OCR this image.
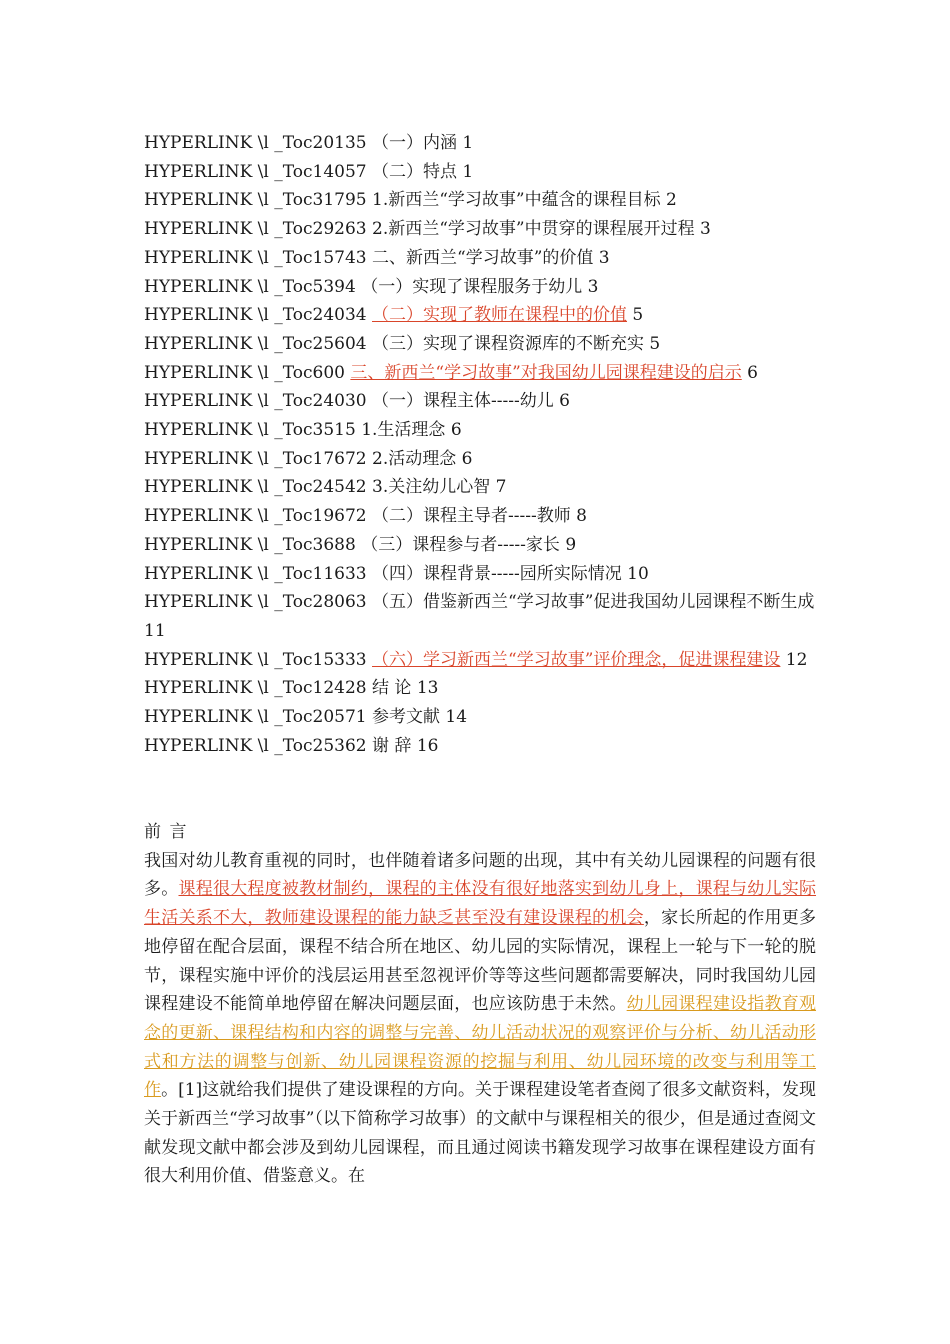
HYPERLINK \l _Toc20135 （一）内涵 1
HYPERLINK \l _Toc14057 （二）特点 1
HYPERLINK \l _Toc31795 1.新西兰“学习故事”中蕴含的课程目标 2
HYPERLINK \l _Toc29263 2.新西兰“学习故事”中贯穿的课程展开过程 3
HYPERLINK \l _Toc15743 二、新西兰“学习故事”的价值 3
HYPERLINK \l _Toc5394 （一）实现了课程服务于幼儿 3
HYPERLINK \l _Toc24034 （二）实现了教师在课程中的价值 5
HYPERLINK \l _Toc25604 （三）实现了课程资源库的不断充实 5
HYPERLINK \l _Toc600 三、新西兰“学习故事”对我国幼儿园课程建设的启示 6
HYPERLINK \l _Toc24030 （一）课程主体-----幼儿 6
HYPERLINK \l _Toc3515 1.生活理念 6
HYPERLINK \l _Toc17672 2.活动理念 6
HYPERLINK \l _Toc24542 3.关注幼儿心智 7
HYPERLINK \l _Toc19672 （二）课程主导者-----教师 8
HYPERLINK \l _Toc3688 （三）课程参与者-----家长 9
HYPERLINK \l _Toc11633 （四）课程背景-----园所实际情况 10
HYPERLINK \l _Toc28063 （五）借鉴新西兰“学习故事”促进我国幼儿园课程不断生成 11
HYPERLINK \l _Toc15333 （六）学习新西兰“学习故事”评价理念，促进课程建设 12
HYPERLINK \l _Toc12428 结 论 13
HYPERLINK \l _Toc20571 参考文献 14
HYPERLINK \l _Toc25362 谢 辞 16
前言
我国对幼儿教育重视的同时，也伴随着诸多问题的出现，其中有关幼儿园课程的问题有很多。课程很大程度被教材制约，课程的主体没有很好地落实到幼儿身上，课程与幼儿实际生活关系不大，教师建设课程的能力缺乏甚至没有建设课程的机会，家长所起的作用更多地停留在配合层面，课程不结合所在地区、幼儿园的实际情况，课程上一轮与下一轮的脱节，课程实施中评价的浅层运用甚至忽视评价等等这些问题都需要解决，同时我国幼儿园课程建设不能简单地停留在解决问题层面，也应该防患于未然。幼儿园课程建设指教育观念的更新、课程结构和内容的调整与完善、幼儿活动状况的观察评价与分析、幼儿活动形式和方法的调整与创新、幼儿园课程资源的挖掘与利用、幼儿园环境的改变与利用等工作。[1]这就给我们提供了建设课程的方向。关于课程建设笔者查阅了很多文献资料，发现关于新西兰“学习故事”（以下简称学习故事）的文献中与课程相关的很少，但是通过查阅文献发现文献中都会涉及到幼儿园课程，而且通过阅读书籍发现学习故事在课程建设方面有很大利用价值、借鉴意义。在
